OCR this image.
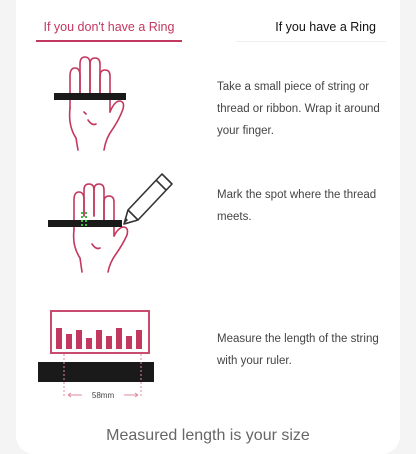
If you don't have a Ring	If you have a Ring
Take a small piece of string or thread or ribbon. Wrap it around your finger.
Mark the spot where the thread meets.
58mm
Measure the length of the string with your ruler.
Measured length is your size
